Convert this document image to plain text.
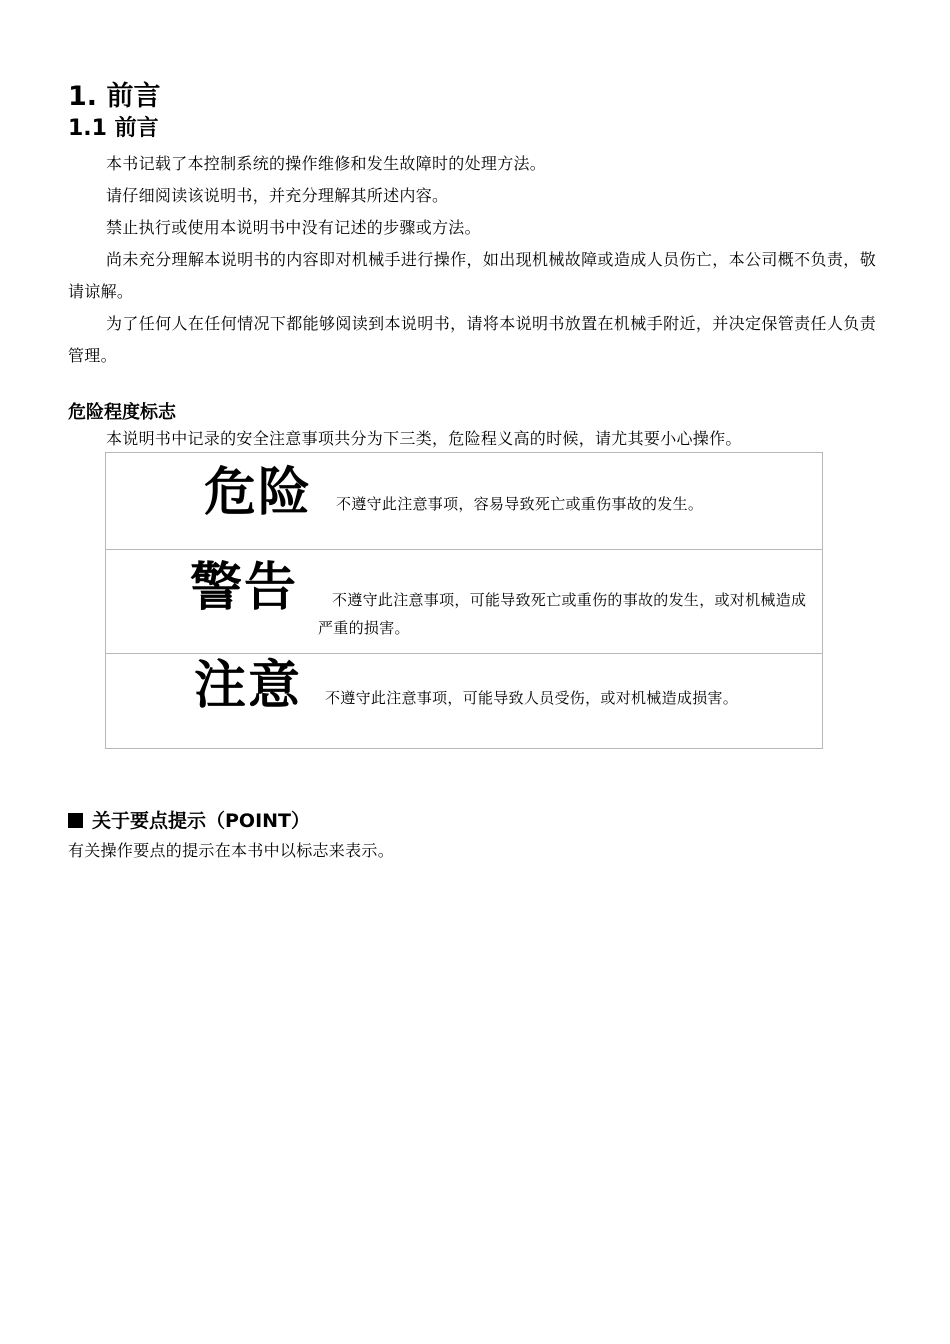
1. 前言
1.1 前言

本书记载了本控制系统的操作维修和发生故障时的处理方法。

请仔细阅读该说明书，并充分理解其所述内容。

禁止执行或使用本说明书中没有记述的步骤或方法。

尚未充分理解本说明书的内容即对机械手进行操作，如出现机械故障或造成人员伤亡，本公司概不负责，敬请谅解。

为了任何人在任何情况下都能够阅读到本说明书，请将本说明书放置在机械手附近，并决定保管责任人负责管理。

危险程度标志
本说明书中记录的安全注意事项共分为下三类，危险程义高的时候，请尤其要小心操作。
危险 不遵守此注意事项，容易导致死亡或重伤事故的发生。
警告	不遵守此注意事项，可能导致死亡或重伤的事故的发生，或对机械造成严重的损害。
注意 不遵守此注意事项，可能导致人员受伤，或对机械造成损害。
关于要点提示（POINT）
有关操作要点的提示在本书中以标志来表示。
